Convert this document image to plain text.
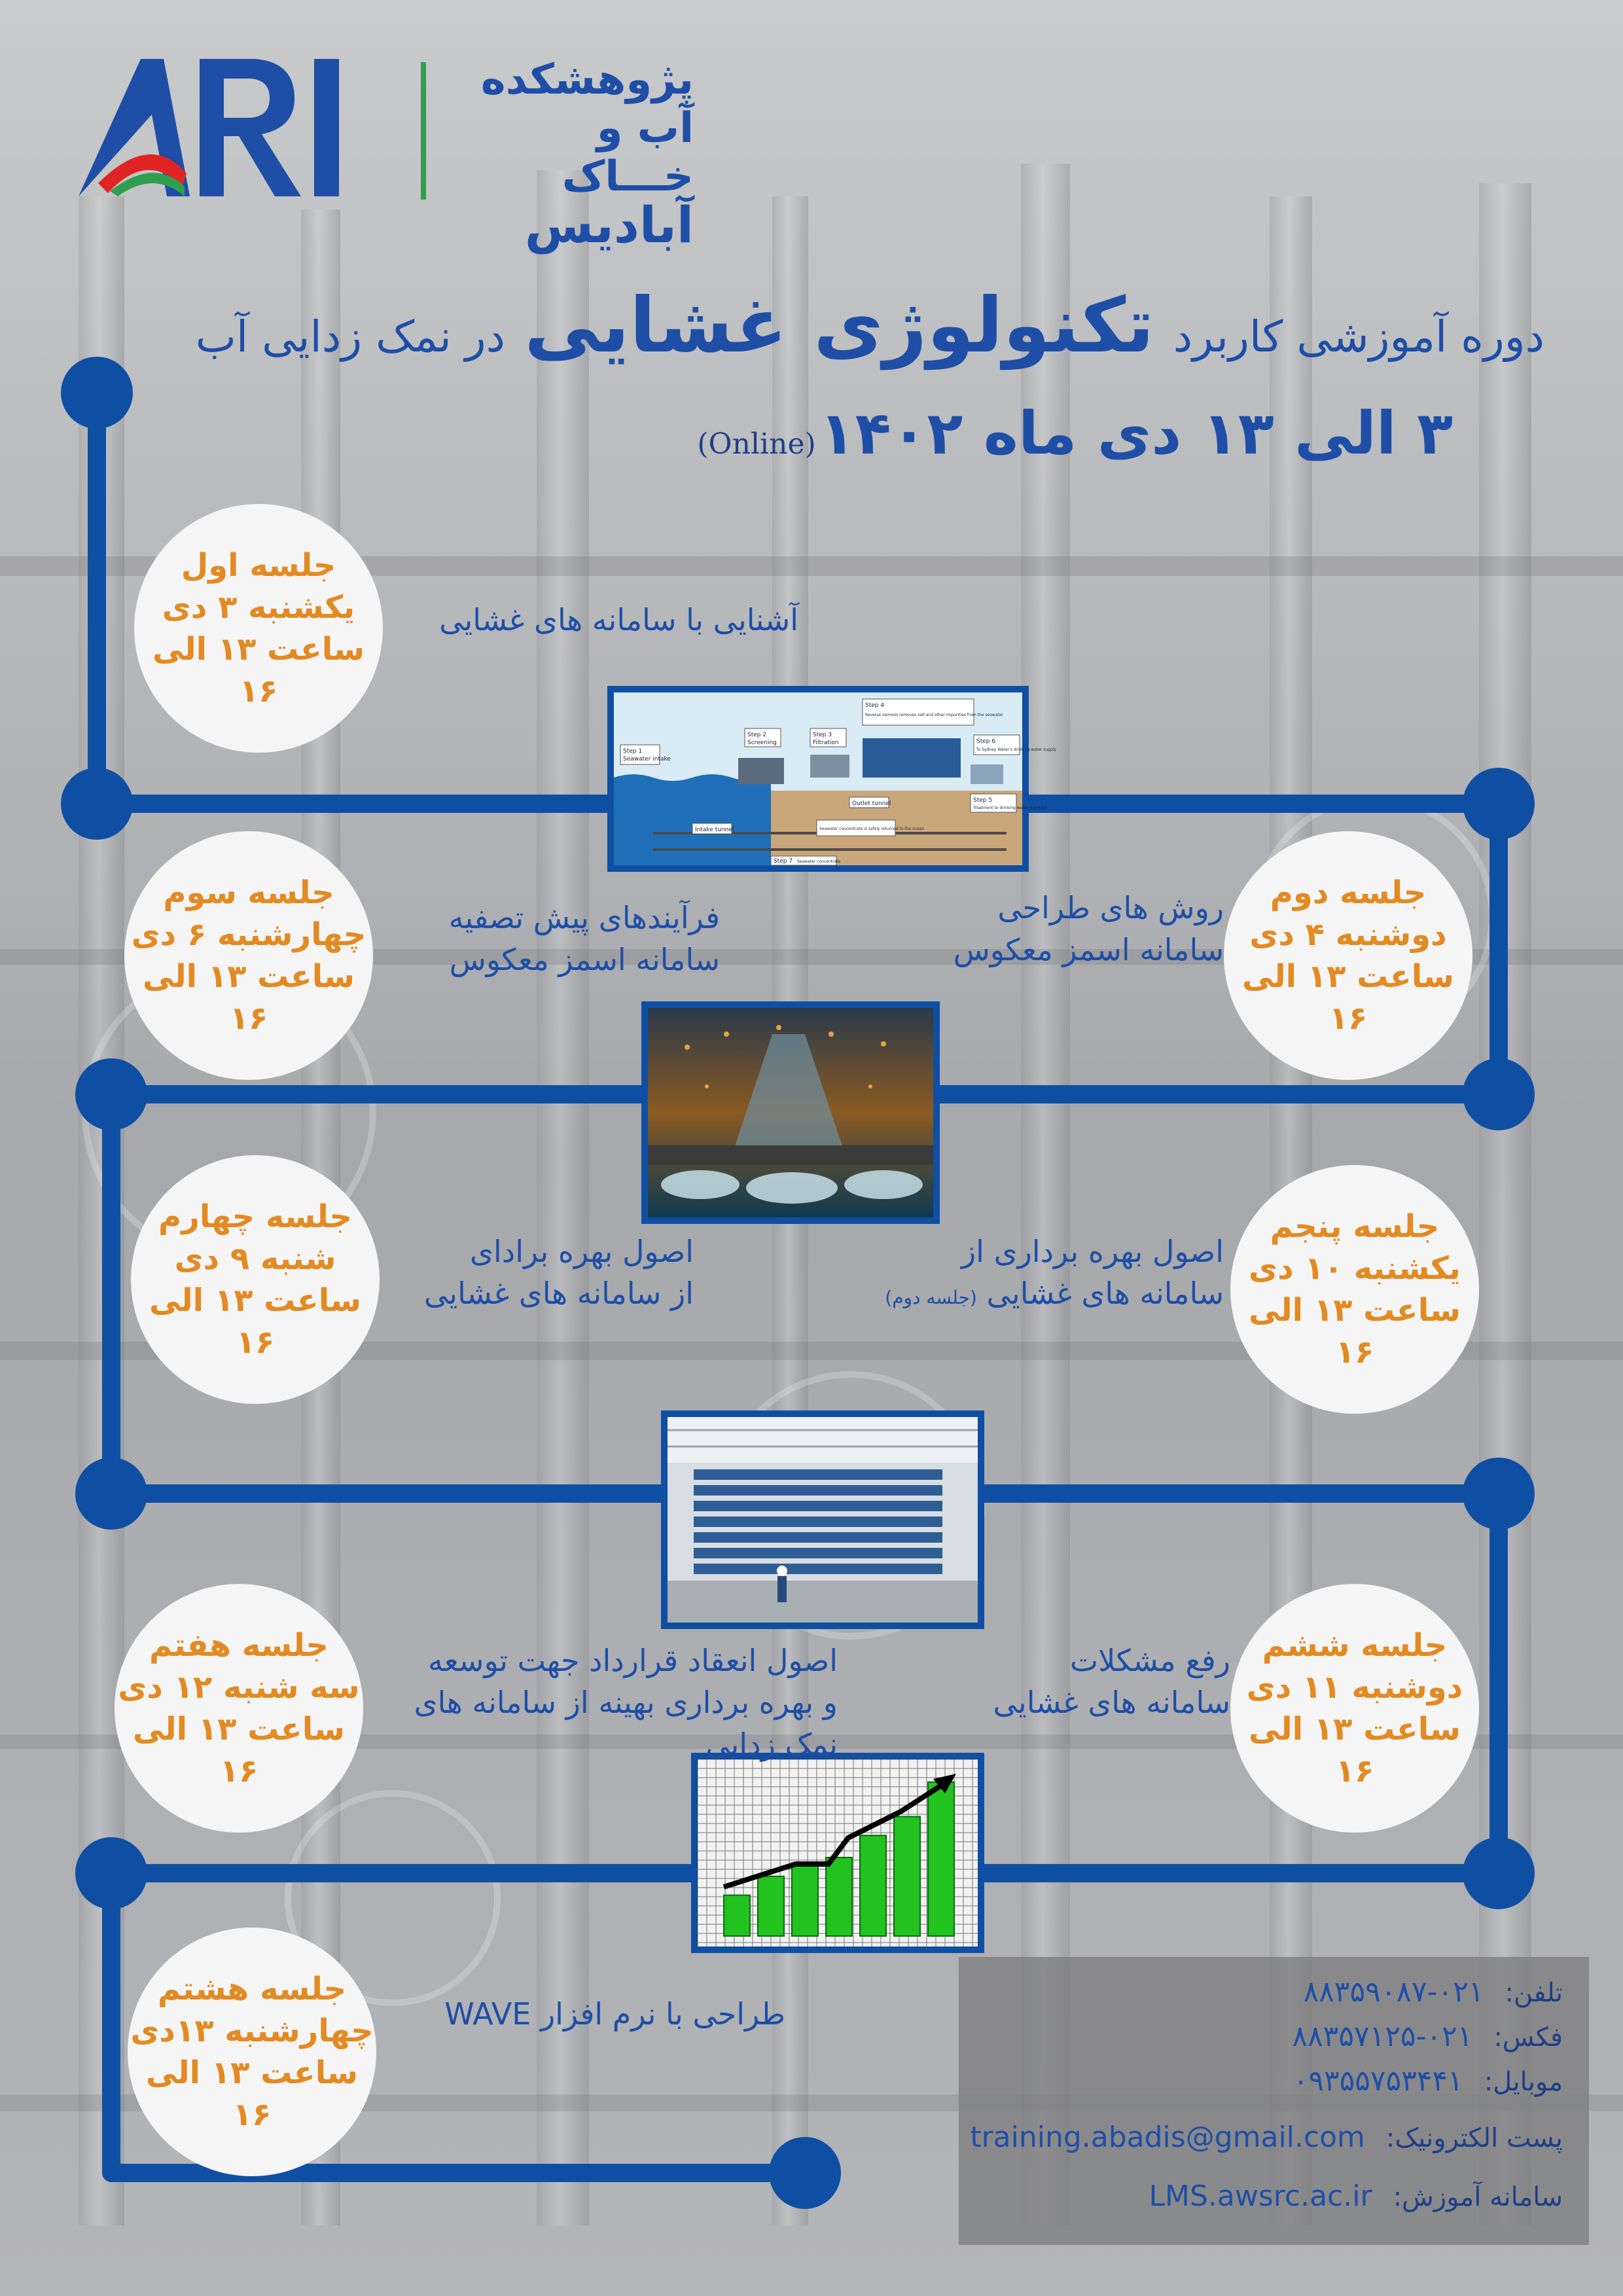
پژوهشکده
آب و خـــاک
آبادیس
دوره آموزشی کاربرد تکنولوژی غشایی در نمک زدایی آب
۳ الی ۱۳ دی ماه ۱۴۰۲ (Online)
Step 1
Seawater intake
Step 2
Screening
Step 3
Filtration
Step 4
Reverse osmosis removes salt and other impurities from the seawater
Step 5
Treatment to drinking water standard
Step 6
To Sydney Water's drinking water supply
Outlet tunnel
Intake tunnel	Seawater concentrate is safely returned to the ocean
Step 7 Seawater concentrate
جلسه اول
یکشنبه ۳ دی
ساعت ۱۳ الی ۱۶
جلسه دوم
دوشنبه ۴ دی
ساعت ۱۳ الی ۱۶
جلسه سوم
چهارشنبه ۶ دی
ساعت ۱۳ الی ۱۶
جلسه چهارم
شنبه ۹ دی
ساعت ۱۳ الی ۱۶
جلسه پنجم
یکشنبه ۱۰ دی
ساعت ۱۳ الی ۱۶
جلسه ششم
دوشنبه ۱۱ دی
ساعت ۱۳ الی ۱۶
جلسه هفتم
سه شنبه ۱۲ دی
ساعت ۱۳ الی ۱۶
جلسه هشتم
چهارشنبه ۱۳دی
ساعت ۱۳ الی ۱۶
آشنایی با سامانه های غشایی
روش های طراحی
سامانه اسمز معکوس
فرآیندهای پیش تصفیه
سامانه اسمز معکوس
اصول بهره برادای
از سامانه های غشایی
اصول بهره برداری از
سامانه های غشایی (جلسه دوم)
رفع مشکلات
سامانه های غشایی
اصول انعقاد قرارداد جهت توسعه
و بهره برداری بهینه از سامانه های
نمک زدایی
طراحی با نرم افزار WAVE
تلفن: ۰۲۱-۸۸۳۵۹۰۸۷
فکس: ۰۲۱-۸۸۳۵۷۱۲۵
موبایل: ۰۹۳۵۵۷۵۳۴۴۱
پست الکترونیک: training.abadis@gmail.com
سامانه آموزش: LMS.awsrc.ac.ir
